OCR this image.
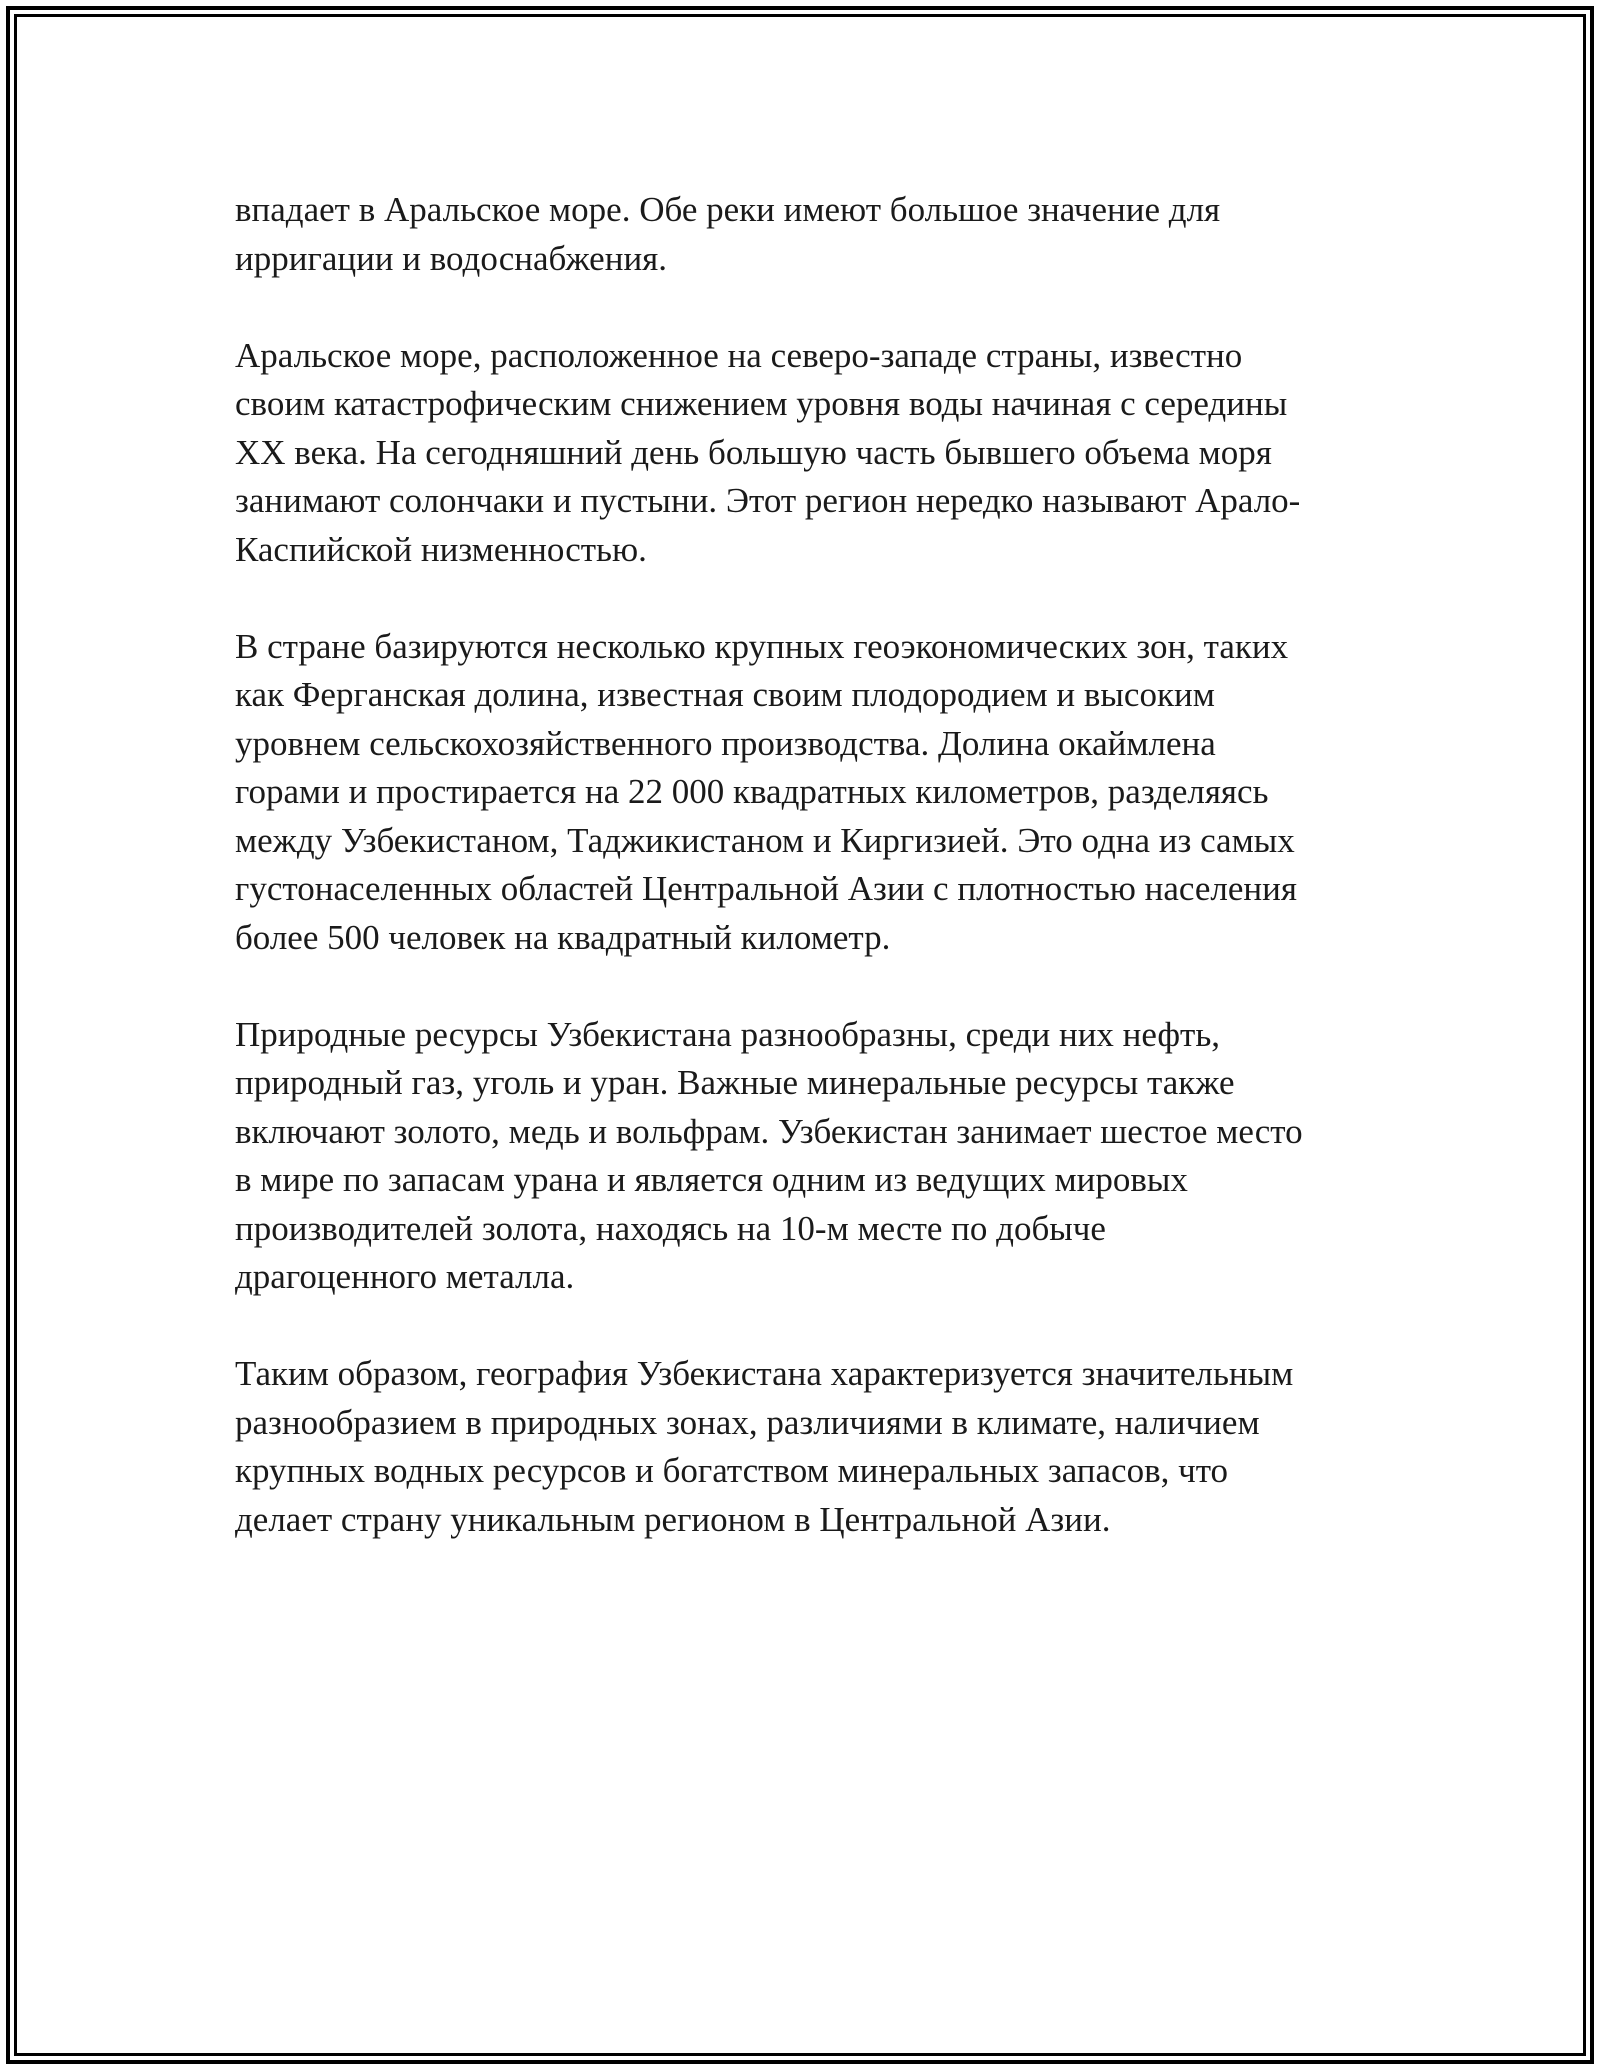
впадает в Аральское море. Обе реки имеют большое значение для
ирригации и водоснабжения.

Аральское море, расположенное на северо-западе страны, известно
своим катастрофическим снижением уровня воды начиная с середины
XX века. На сегодняшний день большую часть бывшего объема моря
занимают солончаки и пустыни. Этот регион нередко называют Арало-
Каспийской низменностью.

В стране базируются несколько крупных геоэкономических зон, таких
как Ферганская долина, известная своим плодородием и высоким
уровнем сельскохозяйственного производства. Долина окаймлена
горами и простирается на 22 000 квадратных километров, разделяясь
между Узбекистаном, Таджикистаном и Киргизией. Это одна из самых
густонаселенных областей Центральной Азии с плотностью населения
более 500 человек на квадратный километр.

Природные ресурсы Узбекистана разнообразны, среди них нефть,
природный газ, уголь и уран. Важные минеральные ресурсы также
включают золото, медь и вольфрам. Узбекистан занимает шестое место
в мире по запасам урана и является одним из ведущих мировых
производителей золота, находясь на 10-м месте по добыче
драгоценного металла.

Таким образом, география Узбекистана характеризуется значительным
разнообразием в природных зонах, различиями в климате, наличием
крупных водных ресурсов и богатством минеральных запасов, что
делает страну уникальным регионом в Центральной Азии.
